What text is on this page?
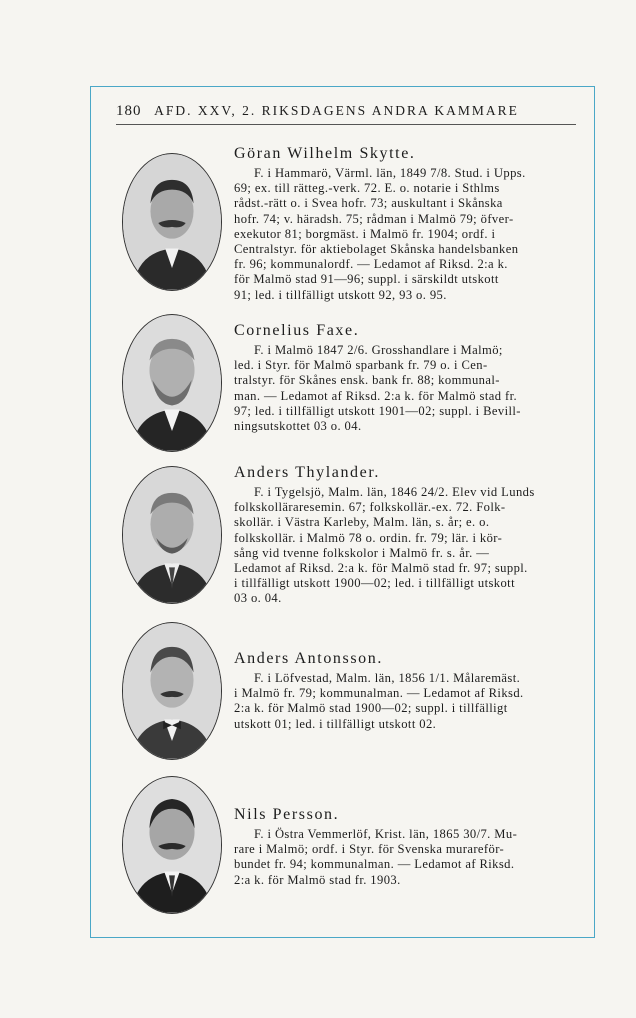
180 AFD. XXV, 2. RIKSDAGENS ANDRA KAMMARE
Göran Wilhelm Skytte.
F. i Hammarö, Värml. län, 1849 7/8. Stud. i Upps.
69; ex. till rätteg.-verk. 72. E. o. notarie i Sthlms
rådst.-rätt o. i Svea hofr. 73; auskultant i Skånska
hofr. 74; v. häradsh. 75; rådman i Malmö 79; öfver-
exekutor 81; borgmäst. i Malmö fr. 1904; ordf. i
Centralstyr. för aktiebolaget Skånska handelsbanken
fr. 96; kommunalordf. — Ledamot af Riksd. 2:a k.
för Malmö stad 91—96; suppl. i särskildt utskott
91; led. i tillfälligt utskott 92, 93 o. 95.
Cornelius Faxe.
F. i Malmö 1847 2/6. Grosshandlare i Malmö;
led. i Styr. för Malmö sparbank fr. 79 o. i Cen-
tralstyr. för Skånes ensk. bank fr. 88; kommunal-
man. — Ledamot af Riksd. 2:a k. för Malmö stad fr.
97; led. i tillfälligt utskott 1901—02; suppl. i Bevill-
ningsutskottet 03 o. 04.
Anders Thylander.
F. i Tygelsjö, Malm. län, 1846 24/2. Elev vid Lunds
folkskolläraresemin. 67; folkskollär.-ex. 72. Folk-
skollär. i Västra Karleby, Malm. län, s. år; e. o.
folkskollär. i Malmö 78 o. ordin. fr. 79; lär. i kör-
sång vid tvenne folkskolor i Malmö fr. s. år. —
Ledamot af Riksd. 2:a k. för Malmö stad fr. 97; suppl.
i tillfälligt utskott 1900—02; led. i tillfälligt utskott
03 o. 04.
Anders Antonsson.
F. i Löfvestad, Malm. län, 1856 1/1. Målaremäst.
i Malmö fr. 79; kommunalman. — Ledamot af Riksd.
2:a k. för Malmö stad 1900—02; suppl. i tillfälligt
utskott 01; led. i tillfälligt utskott 02.
Nils Persson.
F. i Östra Vemmerlöf, Krist. län, 1865 30/7. Mu-
rare i Malmö; ordf. i Styr. för Svenska murareför-
bundet fr. 94; kommunalman. — Ledamot af Riksd.
2:a k. för Malmö stad fr. 1903.
